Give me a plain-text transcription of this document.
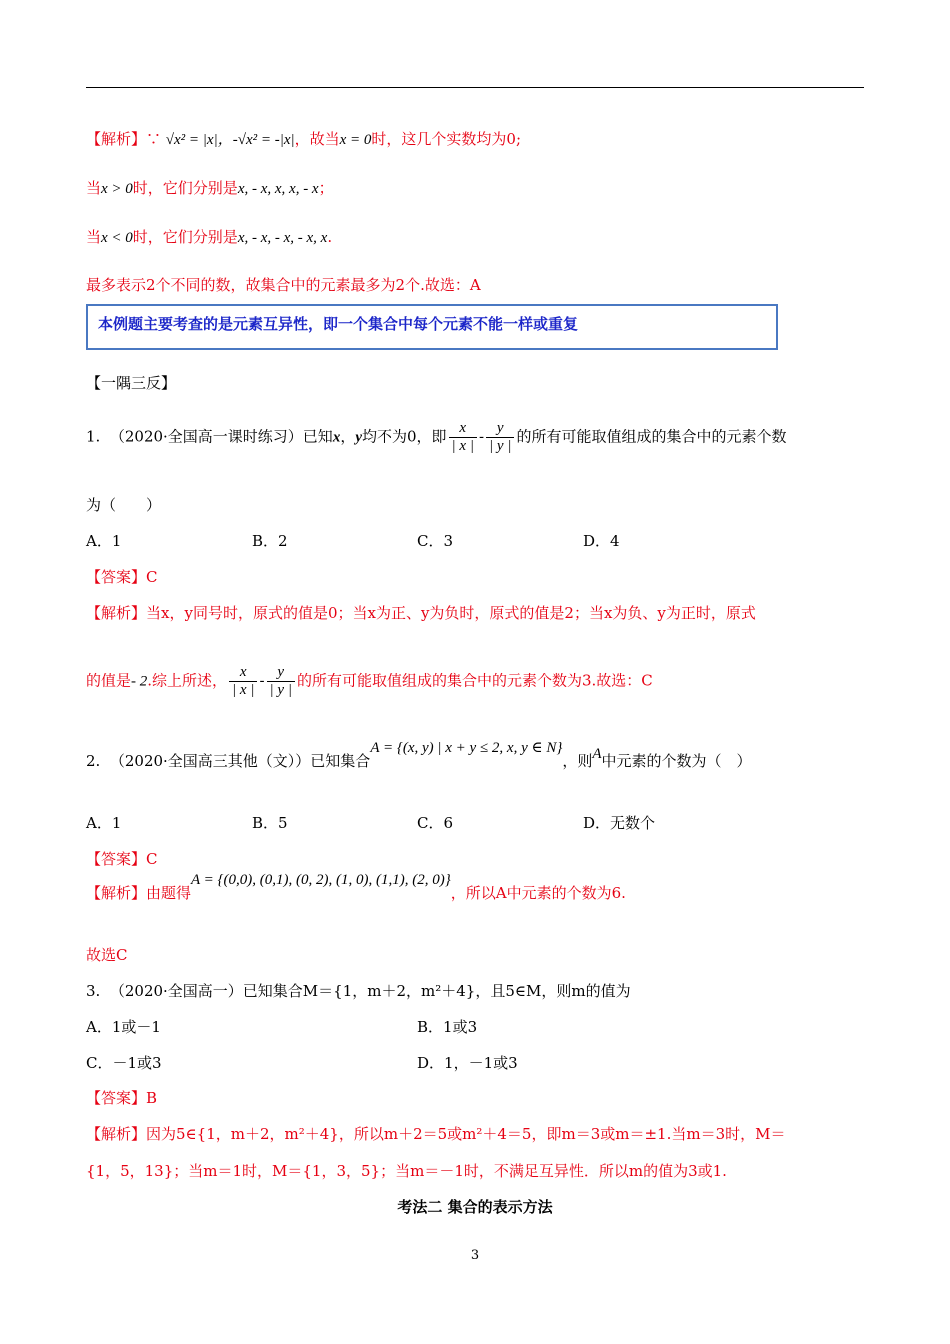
【解析】∵ √x² = |x|，-√x² = -|x|，故当x = 0时，这几个实数均为0;
当x > 0时，它们分别是x, - x, x, x, - x；
当x < 0时，它们分别是x, - x, - x, - x, x.
最多表示2个不同的数，故集合中的元素最多为2个.故选：A
本例题主要考查的是元素互异性，即一个集合中每个元素不能一样或重复
【一隅三反】
1. （2020·全国高一课时练习）已知x，y均不为0，即 $\frac{x}{| x |} - \frac{y}{| y |}$ 的所有可能取值组成的集合中的元素个数
为（　　）
A．1	B．2	C．3	D．4
【答案】C
【解析】当x，y同号时，原式的值是0；当x为正、y为负时，原式的值是2；当x为负、y为正时，原式
的值是- 2.综上所述， $\frac{x}{| x |} - \frac{y}{| y |}$ 的所有可能取值组成的集合中的元素个数为3.故选：C
2. （2020·全国高三其他（文））已知集合A = {(x, y) | x + y ≤ 2, x, y ∈ N}，则A中元素的个数为（　）
A．1	B．5	C．6	D．无数个
【答案】C
【解析】由题得A = {(0,0), (0,1), (0, 2), (1, 0), (1,1), (2, 0)}，所以A中元素的个数为6.
故选C
3. （2020·全国高一）已知集合M＝{1，m＋2，m²＋4}，且5∈M，则m的值为
A．1或－1	B．1或3
C．－1或3	D．1，－1或3
【答案】B
【解析】因为5∈{1，m＋2，m²＋4}，所以m＋2＝5或m²＋4＝5，即m＝3或m＝±1.当m＝3时，M＝
{1，5，13}；当m＝1时，M＝{1，3，5}；当m＝－1时，不满足互异性．所以m的值为3或1.
考法二 集合的表示方法
3
